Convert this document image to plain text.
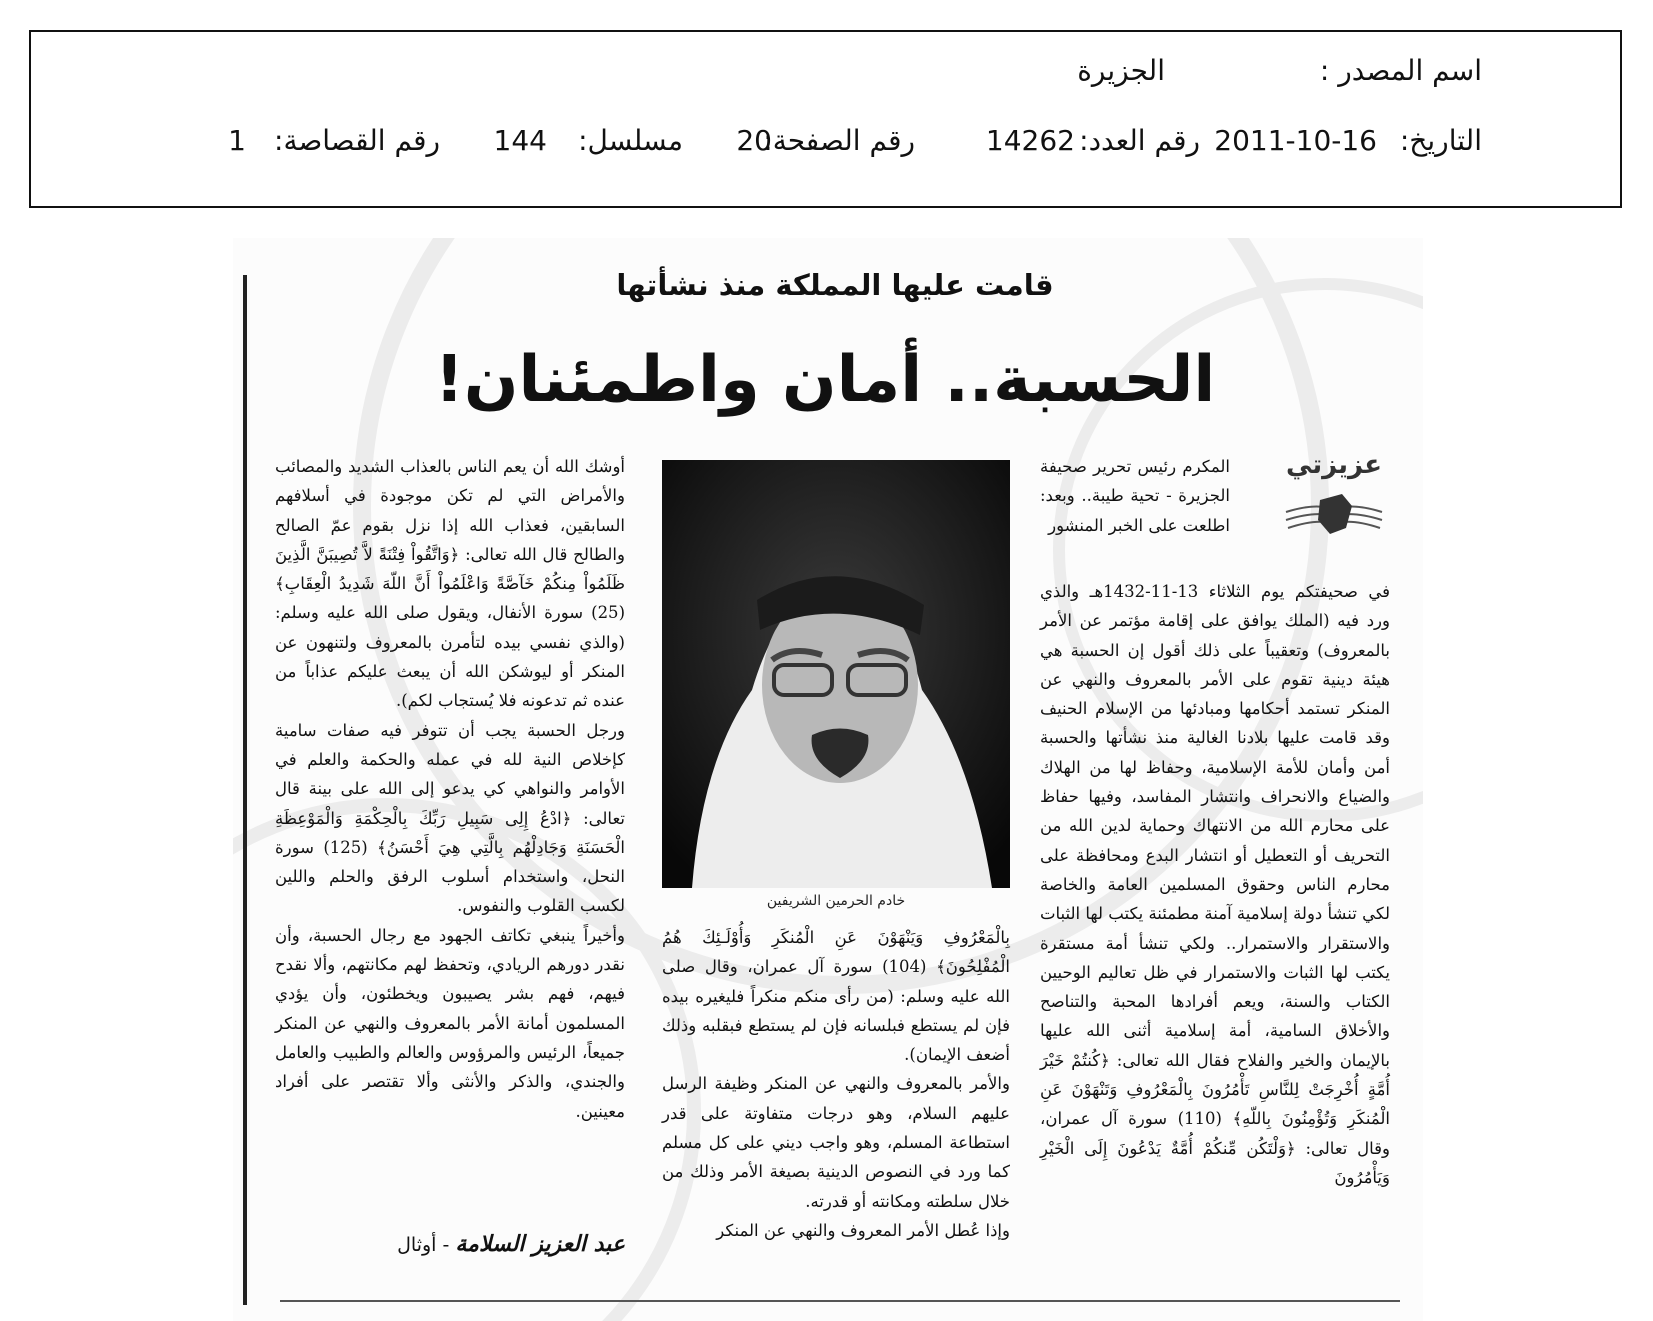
اسم المصدر :
الجزيرة
التاريخ:
2011-10-16
رقم العدد:
14262
رقم الصفحة:
20
مسلسل:
144
رقم القصاصة:
1
قامت عليها المملكة منذ نشأتها
الحسبة.. أمان واطمئنان!
عزيزتي

المكرم رئيس تحرير صحيفة الجزيرة - تحية طيبة.. وبعد: اطلعت على الخبر المنشور

في صحيفتكم يوم الثلاثاء 13-11-1432هـ والذي ورد فيه (الملك يوافق على إقامة مؤتمر عن الأمر بالمعروف) وتعقيباً على ذلك أقول إن الحسبة هي هيئة دينية تقوم على الأمر بالمعروف والنهي عن المنكر تستمد أحكامها ومبادئها من الإسلام الحنيف وقد قامت عليها بلادنا الغالية منذ نشأتها والحسبة أمن وأمان للأمة الإسلامية، وحفاظ لها من الهلاك والضياع والانحراف وانتشار المفاسد، وفيها حفاظ على محارم الله من الانتهاك وحماية لدين الله من التحريف أو التعطيل أو انتشار البدع ومحافظة على محارم الناس وحقوق المسلمين العامة والخاصة لكي تنشأ دولة إسلامية آمنة مطمئنة يكتب لها الثبات والاستقرار والاستمرار.. ولكي تنشأ أمة مستقرة يكتب لها الثبات والاستمرار في ظل تعاليم الوحيين الكتاب والسنة، ويعم أفرادها المحبة والتناصح والأخلاق السامية، أمة إسلامية أثنى الله عليها بالإيمان والخير والفلاح فقال الله تعالى: ﴿كُنتُمْ خَيْرَ أُمَّةٍ أُخْرِجَتْ لِلنَّاسِ تَأْمُرُونَ بِالْمَعْرُوفِ وَتَنْهَوْنَ عَنِ الْمُنكَرِ وَتُؤْمِنُونَ بِاللّهِ﴾ (110) سورة آل عمران، وقال تعالى: ﴿وَلْتَكُن مِّنكُمْ أُمَّةٌ يَدْعُونَ إِلَى الْخَيْرِ وَيَأْمُرُونَ

خادم الحرمين الشريفين

بِالْمَعْرُوفِ وَيَنْهَوْنَ عَنِ الْمُنكَرِ وَأُوْلَـئِكَ هُمُ الْمُفْلِحُونَ﴾ (104) سورة آل عمران، وقال صلى الله عليه وسلم: (من رأى منكم منكراً فليغيره بيده فإن لم يستطع فبلسانه فإن لم يستطع فبقلبه وذلك أضعف الإيمان).

والأمر بالمعروف والنهي عن المنكر وظيفة الرسل عليهم السلام، وهو درجات متفاوتة على قدر استطاعة المسلم، وهو واجب ديني على كل مسلم كما ورد في النصوص الدينية بصيغة الأمر وذلك من خلال سلطته ومكانته أو قدرته.

وإذا عُطل الأمر المعروف والنهي عن المنكر

أوشك الله أن يعم الناس بالعذاب الشديد والمصائب والأمراض التي لم تكن موجودة في أسلافهم السابقين، فعذاب الله إذا نزل بقوم عمّ الصالح والطالح قال الله تعالى: ﴿وَاتَّقُواْ فِتْنَةً لاَّ تُصِيبَنَّ الَّذِينَ ظَلَمُواْ مِنكُمْ خَآصَّةً وَاعْلَمُواْ أَنَّ اللّهَ شَدِيدُ الْعِقَابِ﴾ (25) سورة الأنفال، ويقول صلى الله عليه وسلم: (والذي نفسي بيده لتأمرن بالمعروف ولتنهون عن المنكر أو ليوشكن الله أن يبعث عليكم عذاباً من عنده ثم تدعونه فلا يُستجاب لكم).

ورجل الحسبة يجب أن تتوفر فيه صفات سامية كإخلاص النية لله في عمله والحكمة والعلم في الأوامر والنواهي كي يدعو إلى الله على بينة قال تعالى: ﴿ادْعُ إِلِى سَبِيلِ رَبِّكَ بِالْحِكْمَةِ وَالْمَوْعِظَةِ الْحَسَنَةِ وَجَادِلْهُم بِالَّتِي هِيَ أَحْسَنُ﴾ (125) سورة النحل، واستخدام أسلوب الرفق والحلم واللين لكسب القلوب والنفوس.

وأخيراً ينبغي تكاتف الجهود مع رجال الحسبة، وأن نقدر دورهم الريادي، وتحفظ لهم مكانتهم، وألا نقدح فيهم، فهم بشر يصيبون ويخطئون، وأن يؤدي المسلمون أمانة الأمر بالمعروف والنهي عن المنكر جميعاً، الرئيس والمرؤوس والعالم والطبيب والعامل والجندي، والذكر والأنثى وألا تقتصر على أفراد معينين.

عبد العزيز السلامة - أوثال
